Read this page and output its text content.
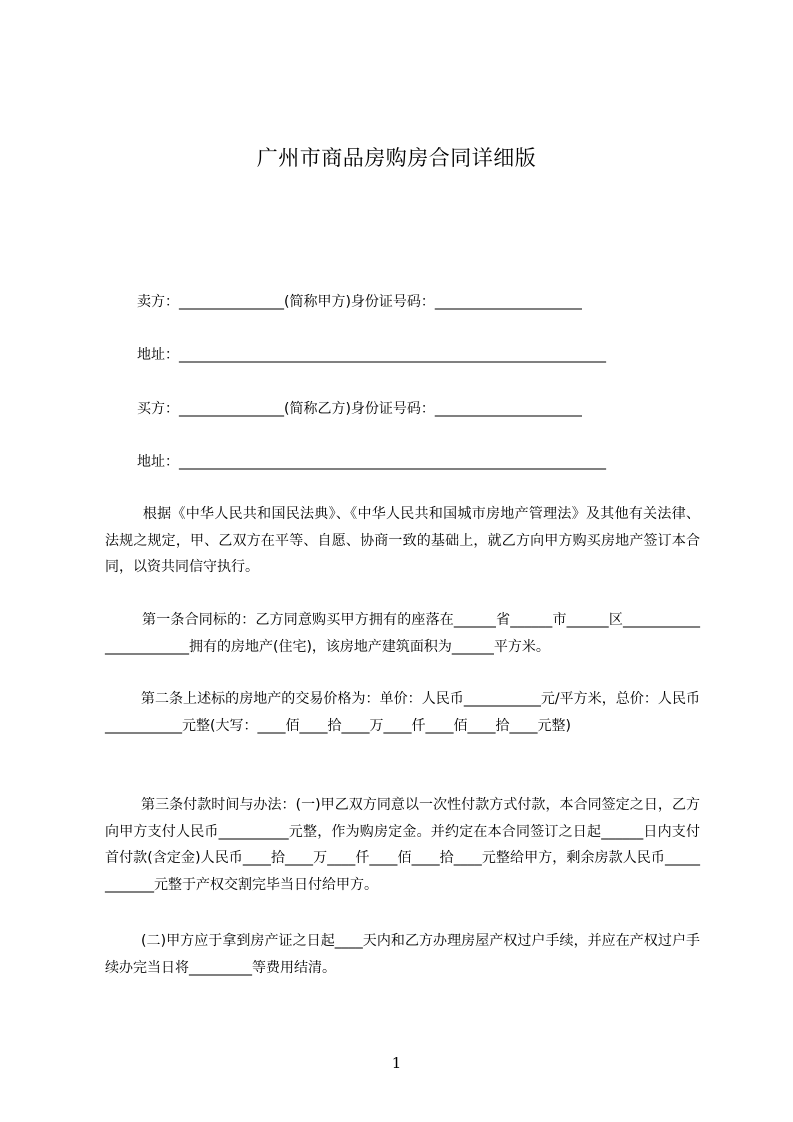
广州市商品房购房合同详细版
卖方：_______________(简称甲方)身份证号码：_____________________
地址：_____________________________________________________________
买方：_______________(简称乙方)身份证号码：_____________________
地址：_____________________________________________________________
根据《中华人民共和国民法典》、《中华人民共和国城市房地产管理法》及其他有关法律、法规之规定，甲、乙双方在平等、自愿、协商一致的基础上，就乙方向甲方购买房地产签订本合同，以资共同信守执行。
第一条合同标的：乙方同意购买甲方拥有的座落在______省______市______区_______________________拥有的房地产(住宅)，该房地产建筑面积为______平方米。
第二条上述标的房地产的交易价格为：单价：人民币___________元/平方米，总价：人民币___________元整(大写：____佰____拾____万____仟____佰____拾____元整)
第三条付款时间与办法：(一)甲乙双方同意以一次性付款方式付款，本合同签定之日，乙方向甲方支付人民币__________元整，作为购房定金。并约定在本合同签订之日起______日内支付首付款(含定金)人民币____拾____万____仟____佰____拾____元整给甲方，剩余房款人民币____________元整于产权交割完毕当日付给甲方。
(二)甲方应于拿到房产证之日起____天内和乙方办理房屋产权过户手续，并应在产权过户手续办完当日将_________等费用结清。
1
